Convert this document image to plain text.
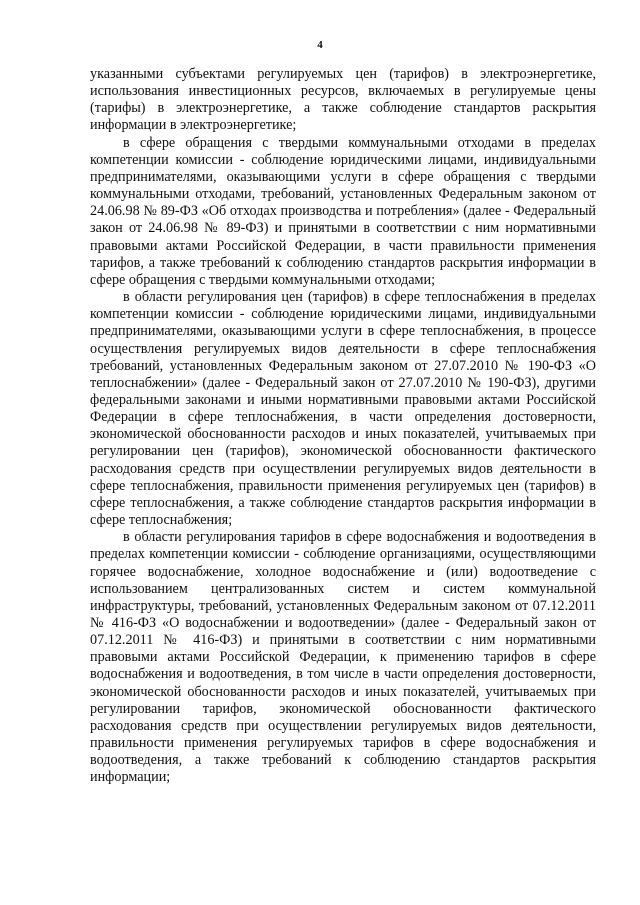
4

указанными субъектами регулируемых цен (тарифов) в электроэнергетике, использования инвестиционных ресурсов, включаемых в регулируемые цены (тарифы) в электроэнергетике, а также соблюдение стандартов раскрытия информации в электроэнергетике;

в сфере обращения с твердыми коммунальными отходами в пределах компетенции комиссии - соблюдение юридическими лицами, индивидуальными предпринимателями, оказывающими услуги в сфере обращения с твердыми коммунальными отходами, требований, установленных Федеральным законом от 24.06.98 № 89-ФЗ «Об отходах производства и потребления» (далее - Федеральный закон от 24.06.98 № 89-ФЗ) и принятыми в соответствии с ним нормативными правовыми актами Российской Федерации, в части правильности применения тарифов, а также требований к соблюдению стандартов раскрытия информации в сфере обращения с твердыми коммунальными отходами;

в области регулирования цен (тарифов) в сфере теплоснабжения в пределах компетенции комиссии - соблюдение юридическими лицами, индивидуальными предпринимателями, оказывающими услуги в сфере теплоснабжения, в процессе осуществления регулируемых видов деятельности в сфере теплоснабжения требований, установленных Федеральным законом от 27.07.2010 № 190-ФЗ «О теплоснабжении» (далее - Федеральный закон от 27.07.2010 № 190-ФЗ), другими федеральными законами и иными нормативными правовыми актами Российской Федерации в сфере теплоснабжения, в части определения достоверности, экономической обоснованности расходов и иных показателей, учитываемых при регулировании цен (тарифов), экономической обоснованности фактического расходования средств при осуществлении регулируемых видов деятельности в сфере теплоснабжения, правильности применения регулируемых цен (тарифов) в сфере теплоснабжения, а также соблюдение стандартов раскрытия информации в сфере теплоснабжения;

в области регулирования тарифов в сфере водоснабжения и водоотведения в пределах компетенции комиссии - соблюдение организациями, осуществляющими горячее водоснабжение, холодное водоснабжение и (или) водоотведение с использованием централизованных систем и систем коммунальной инфраструктуры, требований, установленных Федеральным законом от 07.12.2011 № 416-ФЗ «О водоснабжении и водоотведении» (далее - Федеральный закон от 07.12.2011 № 416-ФЗ) и принятыми в соответствии с ним нормативными правовыми актами Российской Федерации, к применению тарифов в сфере водоснабжения и водоотведения, в том числе в части определения достоверности, экономической обоснованности расходов и иных показателей, учитываемых при регулировании тарифов, экономической обоснованности фактического расходования средств при осуществлении регулируемых видов деятельности, правильности применения регулируемых тарифов в сфере водоснабжения и водоотведения, а также требований к соблюдению стандартов раскрытия информации;
